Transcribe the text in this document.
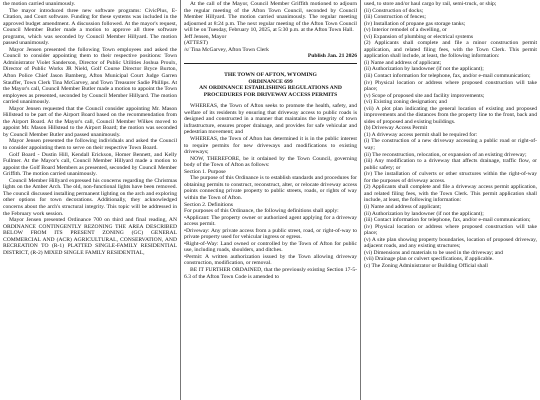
the motion carried unanimously.

The mayor introduced three new software programs: CivicPlus, E-Citation, and Court software. Funding for these systems was included in the approved budget amendment. A discussion followed. At the mayor's request, Council Member Butler made a motion to approve all three software programs, which was seconded by Council Member Hillyard. The motion passed unanimously.

Mayor Jensen presented the following Town employees and asked the Council to consider appointing them to their respective positions: Town Administrator Violet Sanderson, Director of Public Utilities Joshua Proulx, Director of Public Works JR Nield, Golf Course Director Bryce Burton, Afton Police Chief Jason Bamberg, Afton Municipal Court Judge Garren Stauffer, Town Clerk Tina McGarvey, and Town Treasurer Sadie Phillips. At the Mayor's call, Council Member Butler made a motion to appoint the Town employees as presented, seconded by Council Member Hillyard. The motion carried unanimously.

Mayor Jensen requested that the Council consider appointing Mr. Mason Hillstead to be part of the Airport Board based on the recommendation from the Airport Board. At the Mayor's call, Council Member Wilkes moved to appoint Mr. Mason Hillstead to the Airport Board; the motion was seconded by Council Member Butler and passed unanimously.

Mayor Jensen presented the following individuals and asked the Council to consider appointing them to serve on their respective Town Board.

Golf Board - Dustin Hill, Kendall Erickson, Homer Bennett, and Kelly Fullmer. At the Mayor's call, Council Member Hillyard made a motion to appoint the Golf Board Members as presented, seconded by Council Member Griffith. The motion carried unanimously.

Council Member Hillyard expressed his concerns regarding the Christmas lights on the Amber Arch. The old, non-functional lights have been removed. The council discussed installing permanent lighting on the arch and exploring other options for town decorations. Additionally, they acknowledged concerns about the arch's structural integrity. This topic will be addressed in the February work session.

Mayor Jensen presented Ordinance 700 on third and final reading, AN ORDINANCE CONTINGENTLY REZONING THE AREA DESCRIBED BELOW FROM ITS PRESENT ZONING (GC) GENERAL COMMERCIAL AND (ACR) AGRICULTURAL, CONSERVATION, AND RECREATION TO (R-1) PLATTED SINGLE-FAMILY RESIDENTIAL DISTRICT, (R-2) MIXED SINGLE FAMILY RESIDENTIAL,

At the call of the Mayor, Council Member Griffith motioned to adjourn the regular meeting of the Afton Town Council, seconded by Council Member Hillyard. The motion carried unanimously. The regular meeting adjourned at 8:24 p.m. The next regular meeting of the Afton Town Council will be on Tuesday, February 10, 2025, at 5:30 p.m. at the Afton Town Hall.

Jeff Jensen, Mayor

(ATTEST)

/s/ Tina McGarvey, Afton Town Clerk

Publish Jan. 21 2026

THE TOWN OF AFTON, WYOMING

ORDINANCE 699

AN ORDINANCE ESTABLISHING REGULATIONS AND PROCEDURES FOR DRIVEWAY ACCESS PERMITS

WHEREAS, the Town of Afton seeks to promote the health, safety, and welfare of its residents by ensuring that driveway access to public roads is designed and constructed in a manner that maintains the integrity of town infrastructure, ensures proper drainage, and provides for safe vehicular and pedestrian movement; and

WHEREAS, the Town of Afton has determined it is in the public interest to require permits for new driveways and modifications to existing driveways;

NOW, THEREFORE, be it ordained by the Town Council, governing body of the Town of Afton as follows:

Section 1. Purpose

The purpose of this Ordinance is to establish standards and procedures for obtaining permits to construct, reconstruct, alter, or relocate driveway access points connecting private property to public streets, roads, or rights of way within the Town of Afton.

Section 2. Definitions

For purposes of this Ordinance, the following definitions shall apply:

•Applicant: The property owner or authorized agent applying for a driveway access permit.

•Driveway: Any private access from a public street, road, or right-of-way to private property used for vehicular ingress or egress.

•Right-of-Way: Land owned or controlled by the Town of Afton for public use, including roads, shoulders, and ditches.

•Permit: A written authorization issued by the Town allowing driveway construction, modification, or removal.

BE IT FURTHER ORDAINED, that the previously existing Section 17-5-6.3 of the Afton Town Code is amended to

used, to store and/or haul cargo by rail, semi-truck, or ship;

(ii) Construction of docks;

(iii) Construction of fences;

(iv) Installation of propane gas storage tanks;

(v) Interior remodel of a dwelling, or

(vi) Expansion of plumbing or electrical systems

(2) Applicants shall complete and file a minor construction permit application, and related filing fees, with the Town Clerk. This permit application shall include, at least, the following information:

(i) Name and address of applicant;

(ii) Authorization by landowner (if not the applicant);

(iii) Contact information for telephone, fax, and/or e-mail communication;

(iv) Physical location or address where proposed construction will take place;

(v) Scope of proposed site and facility improvements;

(vi) Existing zoning designation; and

(vii) A plot plan indicating the general location of existing and proposed improvements and the distances from the property line to the front, back and sides of proposed and existing buildings.

(b) Driveway Access Permit

(1) A driveway access permit shall be required for:

(i) The construction of a new driveway accessing a public road or right-of-way;

(ii) The reconstruction, relocation, or expansion of an existing driveway;

(iii) Any modification to a driveway that affects drainage, traffic flow, or public safety; or

(iv) The installation of culverts or other structures within the right-of-way for the purposes of driveway access.

(2) Applicants shall complete and file a driveway access permit application, and related filing fees, with the Town Clerk. This permit application shall include, at least, the following information:

(i) Name and address of applicant;

(ii) Authorization by landowner (if not the applicant);

(iii) Contact information for telephone, fax, and/or e-mail communication;

(iv) Physical location or address where proposed construction will take place;

(v) A site plan showing property boundaries, location of proposed driveway, adjacent roads, and any existing structures;

(vi) Dimensions and materials to be used in the driveway; and

(vii) Drainage plan or culvert specifications, if applicable.

(c) The Zoning Administrator or Building Official shall
